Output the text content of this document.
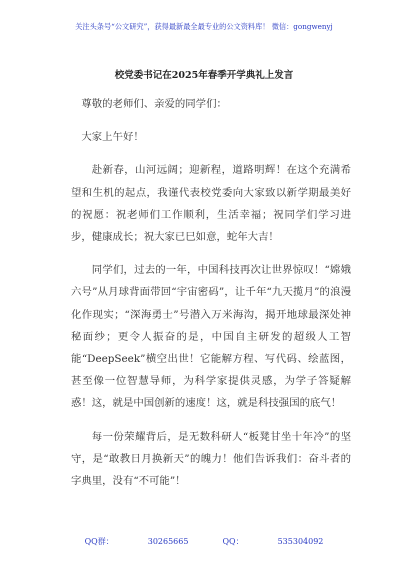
关注头条号“公文研究”，获得最新最全最专业的公文资料库！ 微信：gongwenyj
校党委书记在2025年春季开学典礼上发言

尊敬的老师们、亲爱的同学们：

大家上午好！

赴新春，山河远阔；迎新程，道路明辉！在这个充满希望和生机的起点，我谨代表校党委向大家致以新学期最美好的祝愿：祝老师们工作顺利，生活幸福；祝同学们学习进步，健康成长；祝大家已巳如意，蛇年大吉！

同学们，过去的一年，中国科技再次让世界惊叹！“嫦娥六号”从月球背面带回“宇宙密码”，让千年“九天揽月”的浪漫化作现实；“深海勇士”号潜入万米海沟，揭开地球最深处神秘面纱；更令人振奋的是，中国自主研发的超级人工智能“DeepSeek”横空出世！它能解方程、写代码、绘蓝图，甚至像一位智慧导师，为科学家提供灵感，为学子答疑解惑！这，就是中国创新的速度！这，就是科技强国的底气！

每一份荣耀背后，是无数科研人“板凳甘坐十年冷”的坚守，是“敢教日月换新天”的魄力！他们告诉我们：奋斗者的字典里，没有“不可能”！

QQ群：	30265665	QQ：	535304092
